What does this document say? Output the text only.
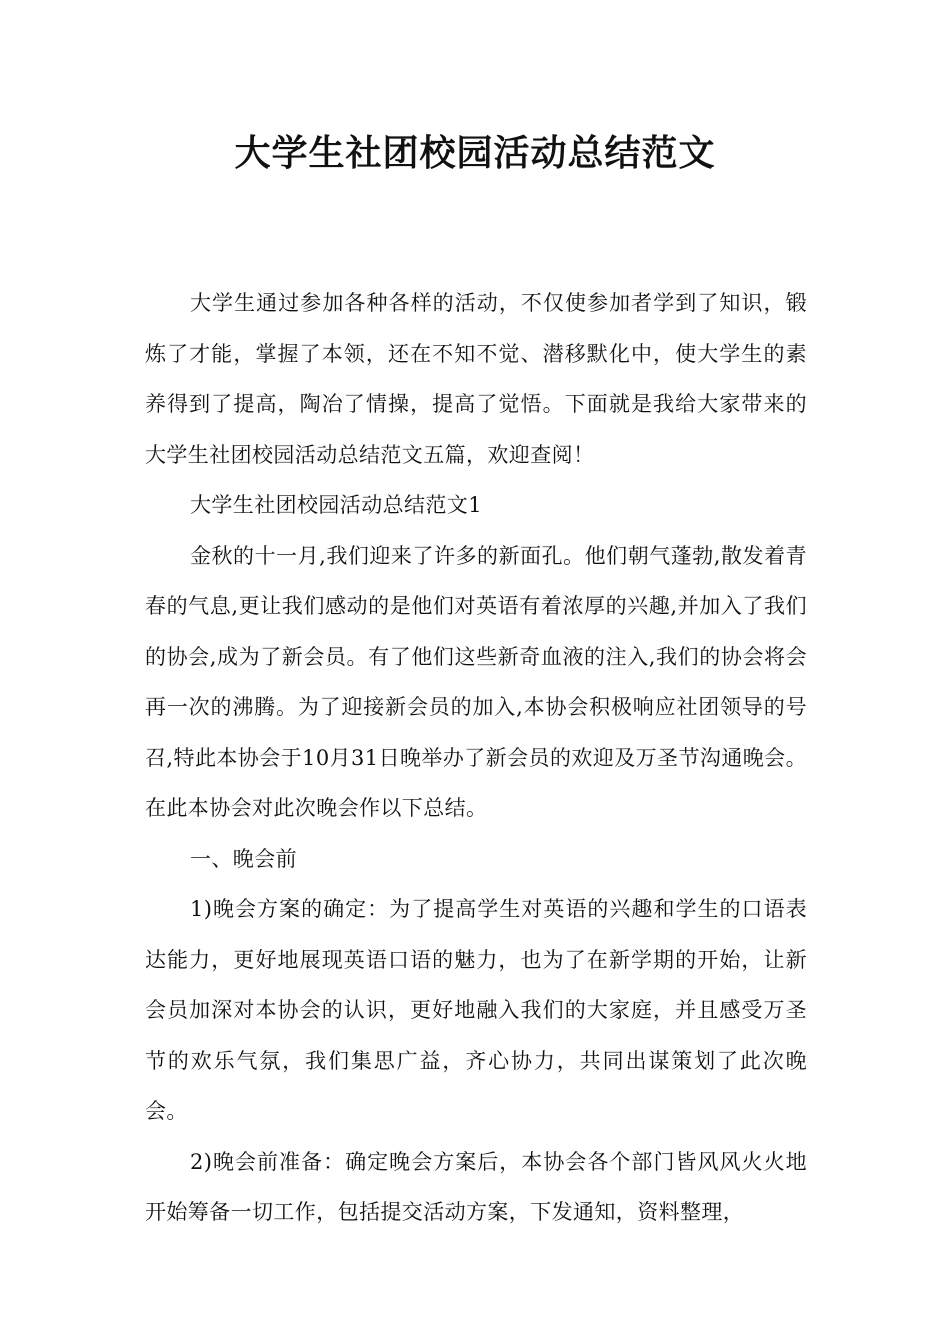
大学生社团校园活动总结范文

大学生通过参加各种各样的活动，不仅使参加者学到了知识，锻炼了才能，掌握了本领，还在不知不觉、潜移默化中，使大学生的素养得到了提高，陶冶了情操，提高了觉悟。下面就是我给大家带来的大学生社团校园活动总结范文五篇，欢迎查阅！

大学生社团校园活动总结范文1

金秋的十一月,我们迎来了许多的新面孔。他们朝气蓬勃,散发着青春的气息,更让我们感动的是他们对英语有着浓厚的兴趣,并加入了我们的协会,成为了新会员。有了他们这些新奇血液的注入,我们的协会将会再一次的沸腾。为了迎接新会员的加入,本协会积极响应社团领导的号召,特此本协会于10月31日晚举办了新会员的欢迎及万圣节沟通晚会。在此本协会对此次晚会作以下总结。

一、晚会前

1)晚会方案的确定：为了提高学生对英语的兴趣和学生的口语表达能力，更好地展现英语口语的魅力，也为了在新学期的开始，让新会员加深对本协会的认识，更好地融入我们的大家庭，并且感受万圣节的欢乐气氛，我们集思广益，齐心协力，共同出谋策划了此次晚会。

2)晚会前准备：确定晚会方案后，本协会各个部门皆风风火火地开始筹备一切工作，包括提交活动方案，下发通知，资料整理，
